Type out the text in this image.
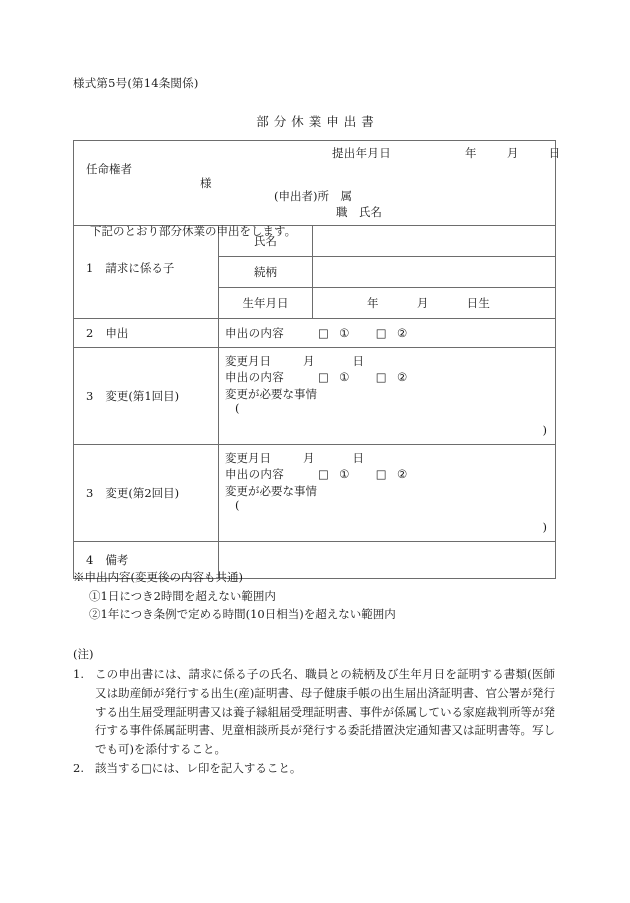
様式第5号(第14条関係)
部分休業申出書
提出年月日	年	月	日
任命権者
様
(申出者)所　属
職　氏名
下記のとおり部分休業の申出をします。

1 請求に係る子	氏名	

	続柄	

	生年月日	年 月 日生

2 申出	申出の内容 □ ① □ ②	

3 変更(第1回目)	変更月日 月 日
申出の内容 □ ① □ ②
変更が必要な事情
(
)	

3 変更(第2回目)	変更月日 月 日
申出の内容 □ ① □ ②
変更が必要な事情
(
)	

4 備考		

※申出内容(変更後の内容も共通)
①1日につき2時間を超えない範囲内
②1年につき条例で定める時間(10日相当)を超えない範囲内
(注)
1. この申出書には、請求に係る子の氏名、職員との続柄及び生年月日を証明する書類(医師又は助産師が発行する出生(産)証明書、母子健康手帳の出生届出済証明書、官公署が発行する出生届受理証明書又は養子縁組届受理証明書、事件が係属している家庭裁判所等が発行する事件係属証明書、児童相談所長が発行する委託措置決定通知書又は証明書等。写しでも可)を添付すること。
2. 該当する□には、レ印を記入すること。
